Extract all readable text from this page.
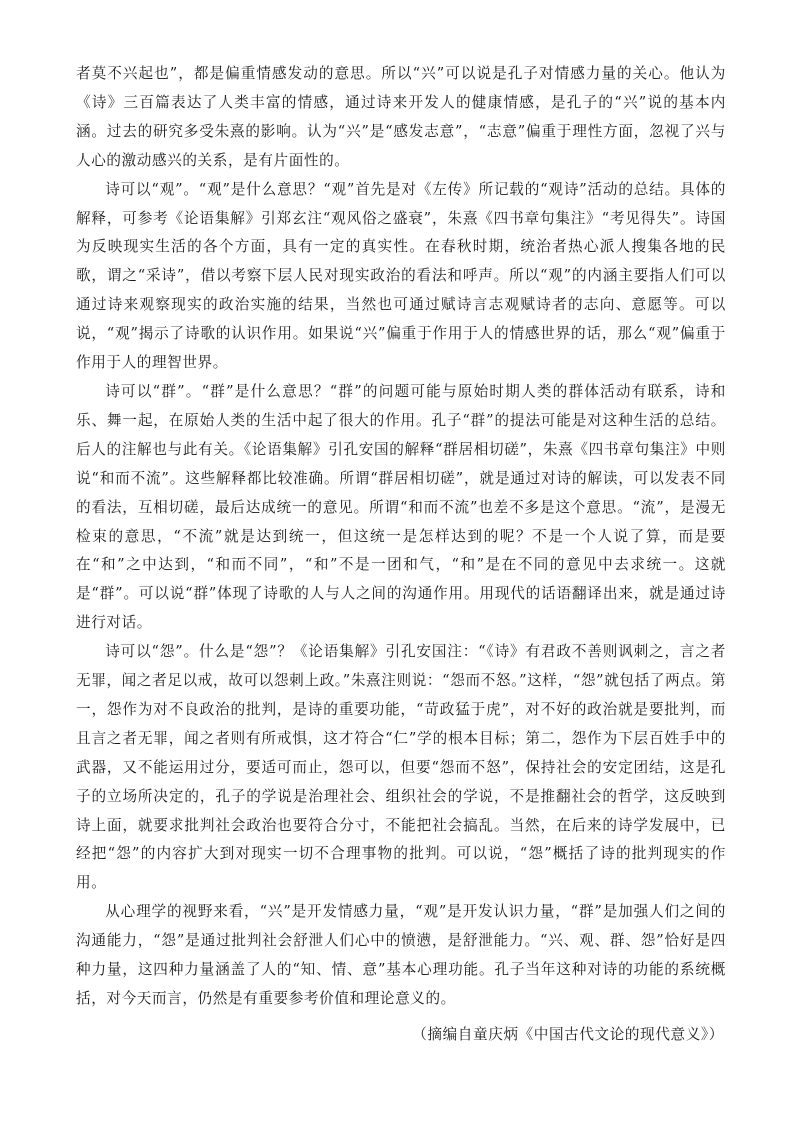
者莫不兴起也”，都是偏重情感发动的意思。所以“兴”可以说是孔子对情感力量的关心。他认为《诗》三百篇表达了人类丰富的情感，通过诗来开发人的健康情感，是孔子的“兴”说的基本内涵。过去的研究多受朱熹的影响。认为“兴”是“感发志意”，“志意”偏重于理性方面，忽视了兴与人心的激动感兴的关系，是有片面性的。

诗可以“观”。“观”是什么意思？“观”首先是对《左传》所记载的“观诗”活动的总结。具体的解释，可参考《论语集解》引郑玄注“观风俗之盛衰”，朱熹《四书章句集注》“考见得失”。诗国为反映现实生活的各个方面，具有一定的真实性。在春秋时期，统治者热心派人搜集各地的民歌，谓之“采诗”，借以考察下层人民对现实政治的看法和呼声。所以“观”的内涵主要指人们可以通过诗来观察现实的政治实施的结果，当然也可通过赋诗言志观赋诗者的志向、意愿等。可以说，“观”揭示了诗歌的认识作用。如果说“兴”偏重于作用于人的情感世界的话，那么“观”偏重于作用于人的理智世界。

诗可以“群”。“群”是什么意思？“群”的问题可能与原始时期人类的群体活动有联系，诗和乐、舞一起，在原始人类的生活中起了很大的作用。孔子“群”的提法可能是对这种生活的总结。后人的注解也与此有关。《论语集解》引孔安国的解释“群居相切磋”，朱熹《四书章句集注》中则说“和而不流”。这些解释都比较准确。所谓“群居相切磋”，就是通过对诗的解读，可以发表不同的看法，互相切磋，最后达成统一的意见。所谓“和而不流”也差不多是这个意思。“流”，是漫无检束的意思，“不流”就是达到统一，但这统一是怎样达到的呢？不是一个人说了算，而是要在“和”之中达到，“和而不同”，“和”不是一团和气，“和”是在不同的意见中去求统一。这就是“群”。可以说“群”体现了诗歌的人与人之间的沟通作用。用现代的话语翻译出来，就是通过诗进行对话。

诗可以“怨”。什么是“怨”？《论语集解》引孔安国注：“《诗》有君政不善则讽刺之，言之者无罪，闻之者足以戒，故可以怨刺上政。”朱熹注则说：“怨而不怒。”这样，“怨”就包括了两点。第一，怨作为对不良政治的批判，是诗的重要功能，“苛政猛于虎”，对不好的政治就是要批判，而且言之者无罪，闻之者则有所戒惧，这才符合“仁”学的根本目标；第二，怨作为下层百姓手中的武器，又不能运用过分，要适可而止，怨可以，但要“怨而不怒”，保持社会的安定团结，这是孔子的立场所决定的，孔子的学说是治理社会、组织社会的学说，不是推翻社会的哲学，这反映到诗上面，就要求批判社会政治也要符合分寸，不能把社会搞乱。当然，在后来的诗学发展中，已经把“怨”的内容扩大到对现实一切不合理事物的批判。可以说，“怨”概括了诗的批判现实的作用。

从心理学的视野来看，“兴”是开发情感力量，“观”是开发认识力量，“群”是加强人们之间的沟通能力，“怨”是通过批判社会舒泄人们心中的愤懑，是舒泄能力。“兴、观、群、怨”恰好是四种力量，这四种力量涵盖了人的“知、情、意”基本心理功能。孔子当年这种对诗的功能的系统概括，对今天而言，仍然是有重要参考价值和理论意义的。

（摘编自童庆炳《中国古代文论的现代意义》）
